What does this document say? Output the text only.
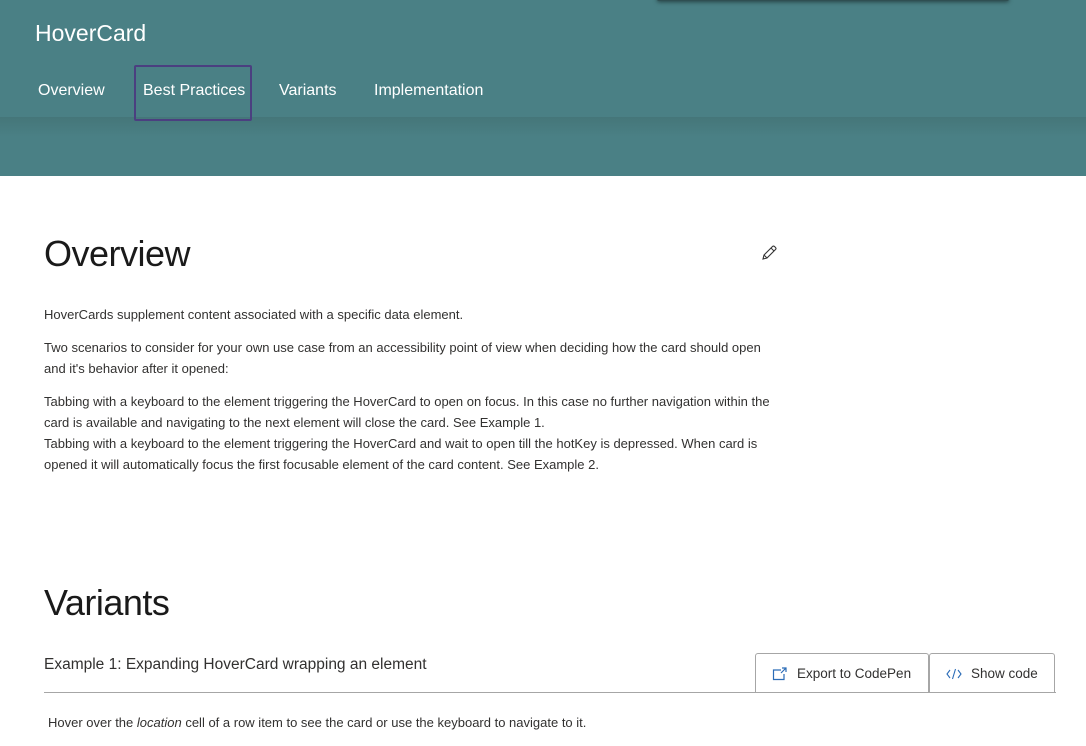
HoverCard
Overview Best Practices Variants Implementation
Overview

HoverCards supplement content associated with a specific data element.

Two scenarios to consider for your own use case from an accessibility point of view when deciding how the card should open and it's behavior after it opened:

Tabbing with a keyboard to the element triggering the HoverCard to open on focus. In this case no further navigation within the card is available and navigating to the next element will close the card. See Example 1.

Tabbing with a keyboard to the element triggering the HoverCard and wait to open till the hotKey is depressed. When card is opened it will automatically focus the first focusable element of the card content. See Example 2.

Variants
Example 1: Expanding HoverCard wrapping an element
Export to CodePen	Show code
Hover over the location cell of a row item to see the card or use the keyboard to navigate to it.
